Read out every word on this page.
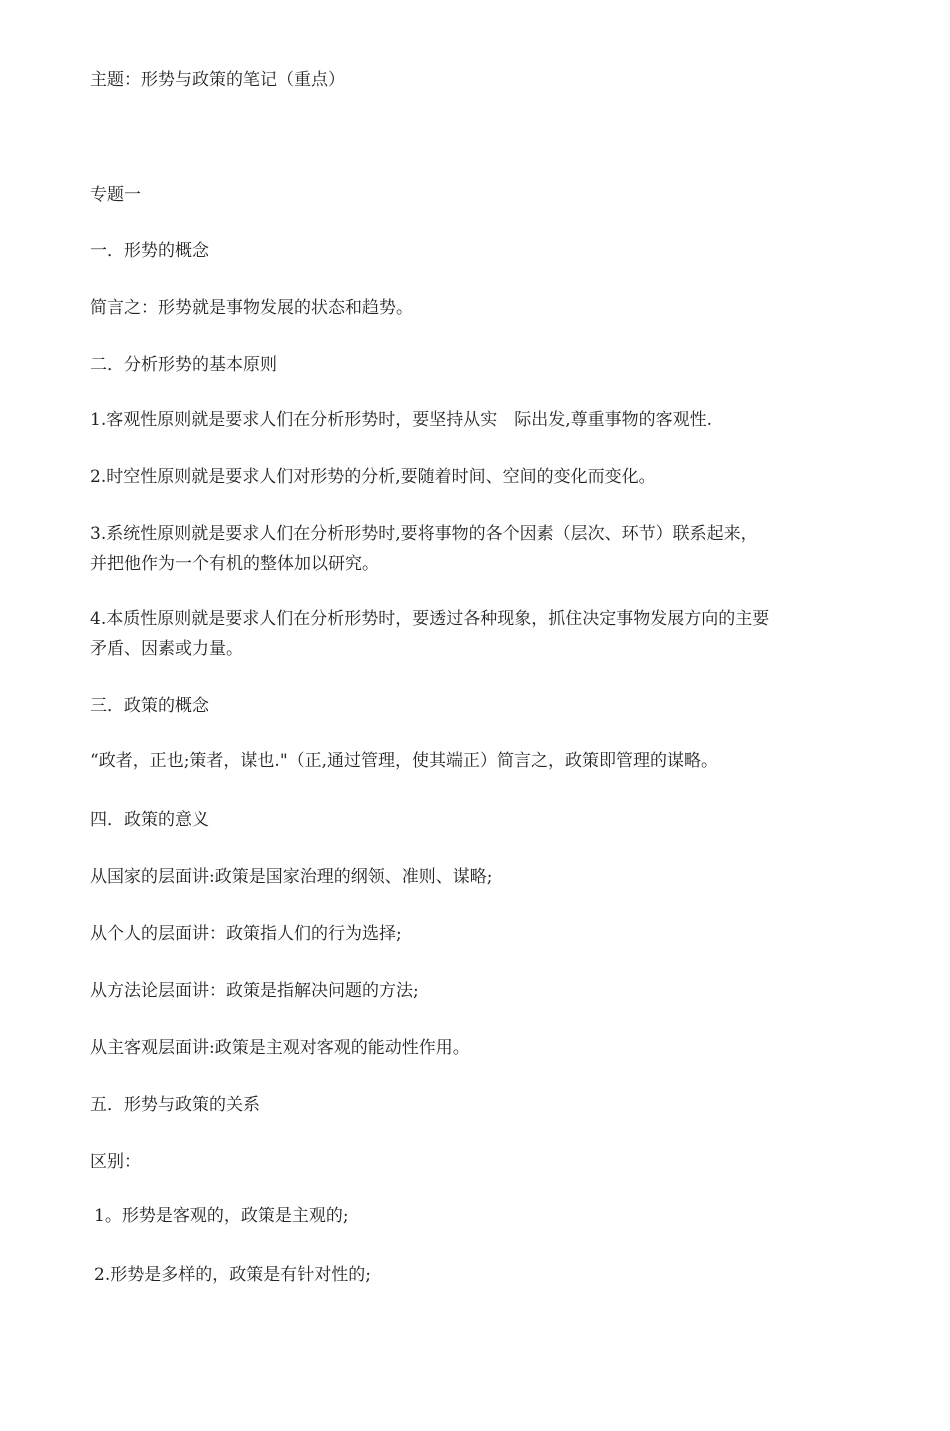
主题：形势与政策的笔记（重点）
专题一
一．形势的概念
简言之：形势就是事物发展的状态和趋势。
二．分析形势的基本原则
1.客观性原则就是要求人们在分析形势时，要坚持从实　际出发,尊重事物的客观性.
2.时空性原则就是要求人们对形势的分析,要随着时间、空间的变化而变化。
3.系统性原则就是要求人们在分析形势时,要将事物的各个因素（层次、环节）联系起来，
并把他作为一个有机的整体加以研究。
4.本质性原则就是要求人们在分析形势时，要透过各种现象，抓住决定事物发展方向的主要
矛盾、因素或力量。
三．政策的概念
“政者，正也;策者，谋也."（正,通过管理，使其端正）简言之，政策即管理的谋略。
四．政策的意义
从国家的层面讲:政策是国家治理的纲领、准则、谋略;
从个人的层面讲：政策指人们的行为选择;
从方法论层面讲：政策是指解决问题的方法;
从主客观层面讲:政策是主观对客观的能动性作用。
五．形势与政策的关系
区别：
1。形势是客观的，政策是主观的;
2.形势是多样的，政策是有针对性的;
